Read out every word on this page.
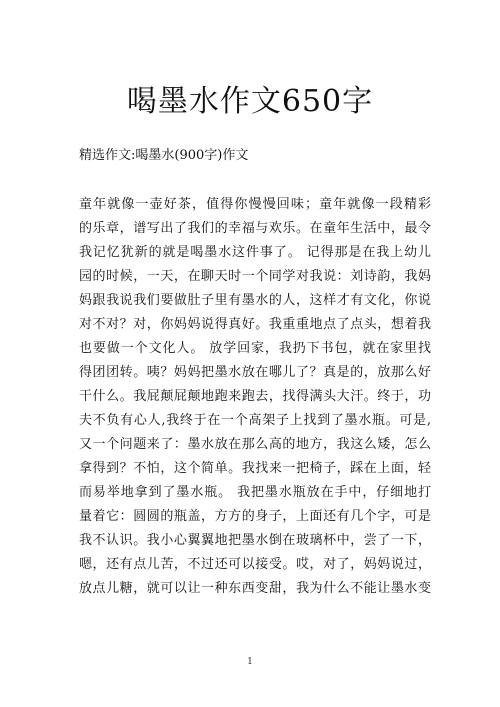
喝墨水作文650字
精选作文:喝墨水(900字)作文
童年就像一壶好茶，值得你慢慢回味；童年就像一段精彩
的乐章，谱写出了我们的幸福与欢乐。在童年生活中，最令
我记忆犹新的就是喝墨水这件事了。 记得那是在我上幼儿
园的时候，一天，在聊天时一个同学对我说：刘诗韵，我妈
妈跟我说我们要做肚子里有墨水的人，这样才有文化，你说
对不对？对，你妈妈说得真好。我重重地点了点头，想着我
也要做一个文化人。 放学回家，我扔下书包，就在家里找
得团团转。咦？妈妈把墨水放在哪儿了？真是的，放那么好
干什么。我屁颠屁颠地跑来跑去，找得满头大汗。终于，功
夫不负有心人,我终于在一个高架子上找到了墨水瓶。可是,
又一个问题来了：墨水放在那么高的地方，我这么矮，怎么
拿得到？不怕，这个简单。我找来一把椅子，踩在上面，轻
而易举地拿到了墨水瓶。 我把墨水瓶放在手中，仔细地打
量着它：圆圆的瓶盖，方方的身子，上面还有几个字，可是
我不认识。我小心翼翼地把墨水倒在玻璃杯中，尝了一下，
嗯，还有点儿苦，不过还可以接受。哎，对了，妈妈说过，
放点儿糖，就可以让一种东西变甜，我为什么不能让墨水变
1
